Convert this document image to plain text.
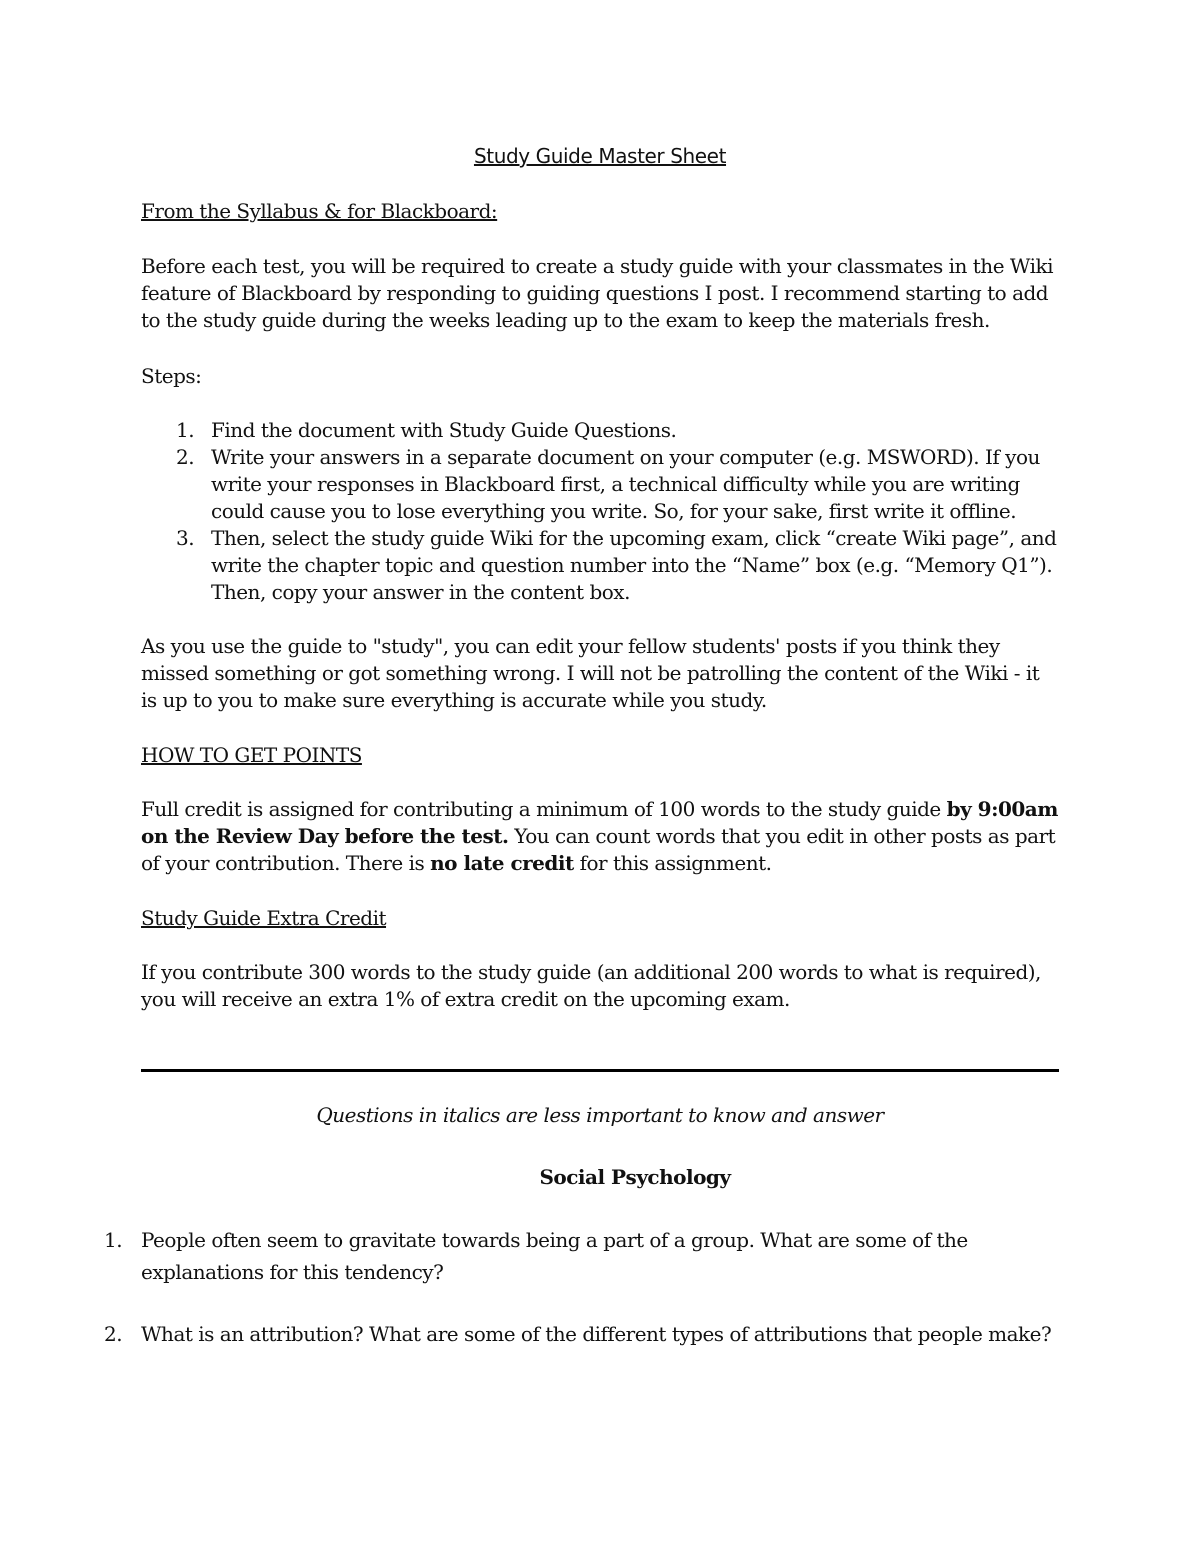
Study Guide Master Sheet

From the Syllabus & for Blackboard:

Before each test, you will be required to create a study guide with your classmates in the Wiki feature of Blackboard by responding to guiding questions I post. I recommend starting to add to the study guide during the weeks leading up to the exam to keep the materials fresh.

Steps:

1. Find the document with Study Guide Questions.
2. Write your answers in a separate document on your computer (e.g. MSWORD). If you write your responses in Blackboard first, a technical difficulty while you are writing could cause you to lose everything you write. So, for your sake, first write it offline.
3. Then, select the study guide Wiki for the upcoming exam, click “create Wiki page”, and write the chapter topic and question number into the “Name” box (e.g. “Memory Q1”). Then, copy your answer in the content box.

As you use the guide to "study", you can edit your fellow students' posts if you think they missed something or got something wrong. I will not be patrolling the content of the Wiki - it is up to you to make sure everything is accurate while you study.

HOW TO GET POINTS

Full credit is assigned for contributing a minimum of 100 words to the study guide by 9:00am on the Review Day before the test. You can count words that you edit in other posts as part of your contribution. There is no late credit for this assignment.

Study Guide Extra Credit

If you contribute 300 words to the study guide (an additional 200 words to what is required), you will receive an extra 1% of extra credit on the upcoming exam.

Questions in italics are less important to know and answer

Social Psychology

1. People often seem to gravitate towards being a part of a group. What are some of the explanations for this tendency?
2. What is an attribution? What are some of the different types of attributions that people make?
